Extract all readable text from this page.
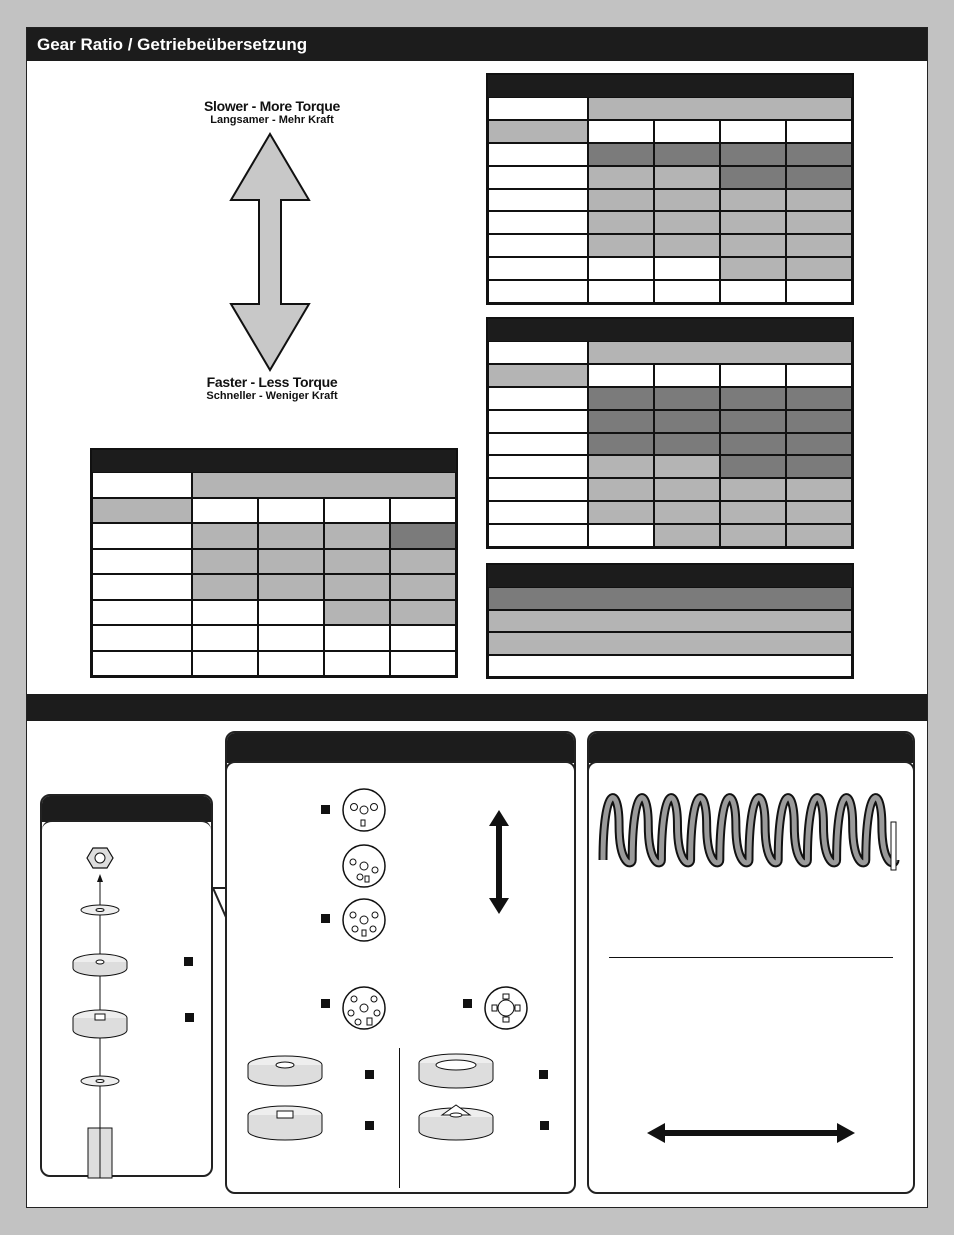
Gear Ratio / Getriebeübersetzung
Slower - More Torque
Langsamer - Mehr Kraft
Faster - Less Torque
Schneller - Weniger Kraft
